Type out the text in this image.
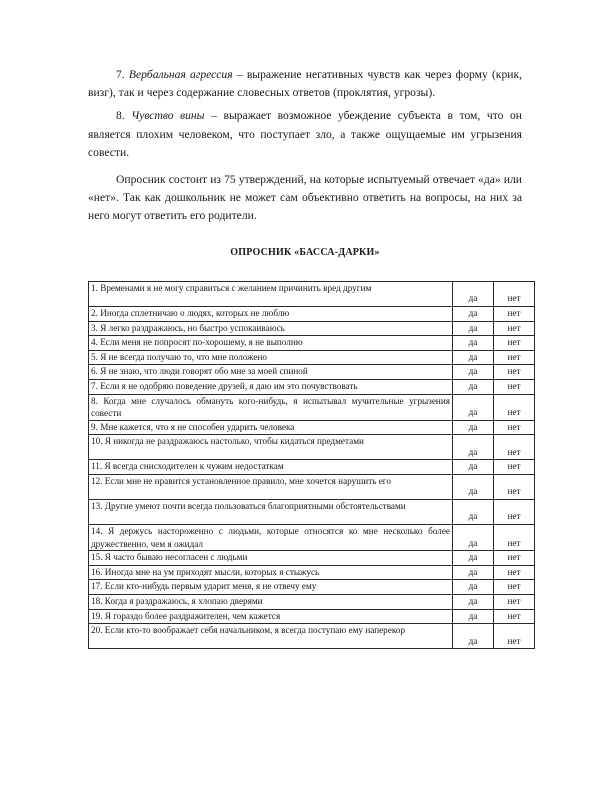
7. Вербальная агрессия – выражение негативных чувств как через форму (крик, визг), так и через содержание словесных ответов (проклятия, угрозы).

8. Чувство вины – выражает возможное убеждение субъекта в том, что он является плохим человеком, что поступает зло, а также ощущаемые им угрызения совести.

Опросник состоит из 75 утверждений, на которые испытуемый отвечает «да» или «нет». Так как дошкольник не может сам объективно ответить на вопросы, на них за него могут ответить его родители.

ОПРОСНИК «БАССА-ДАРКИ»
1. Временами я не могу справиться с желанием причинить вред другим	да	нет
2. Иногда сплетничаю о людях, которых не люблю	да	нет
3. Я легко раздражаюсь, но быстро успокаиваюсь	да	нет
4. Если меня не попросят по-хорошему, я не выполню	да	нет
5. Я не всегда получаю то, что мне положено	да	нет
6. Я не знаю, что люди говорят обо мне за моей спиной	да	нет
7. Если я не одобряю поведение друзей, я даю им это почувствовать	да	нет
8. Когда мне случалось обмануть кого-нибудь, я испытывал мучительные угрызения совести	да	нет
9. Мне кажется, что я не способен ударить человека	да	нет
10. Я никогда не раздражаюсь настолько, чтобы кидаться предметами	да	нет
11. Я всегда снисходителен к чужим недостаткам	да	нет
12. Если мне не нравится установленное правило, мне хочется нарушить его	да	нет
13. Другие умеют почти всегда пользоваться благоприятными обстоятельствами	да	нет
14. Я держусь настороженно с людьми, которые относятся ко мне несколько более дружественно, чем я ожидал	да	нет
15. Я часто бываю несогласен с людьми	да	нет
16. Иногда мне на ум приходят мысли, которых я стыжусь	да	нет
17. Если кто-нибудь первым ударит меня, я не отвечу ему	да	нет
18. Когда я раздражаюсь, я хлопаю дверями	да	нет
19. Я гораздо более раздражителен, чем кажется	да	нет
20. Если кто-то воображает себя начальником, я всегда поступаю ему наперекор	да	нет
